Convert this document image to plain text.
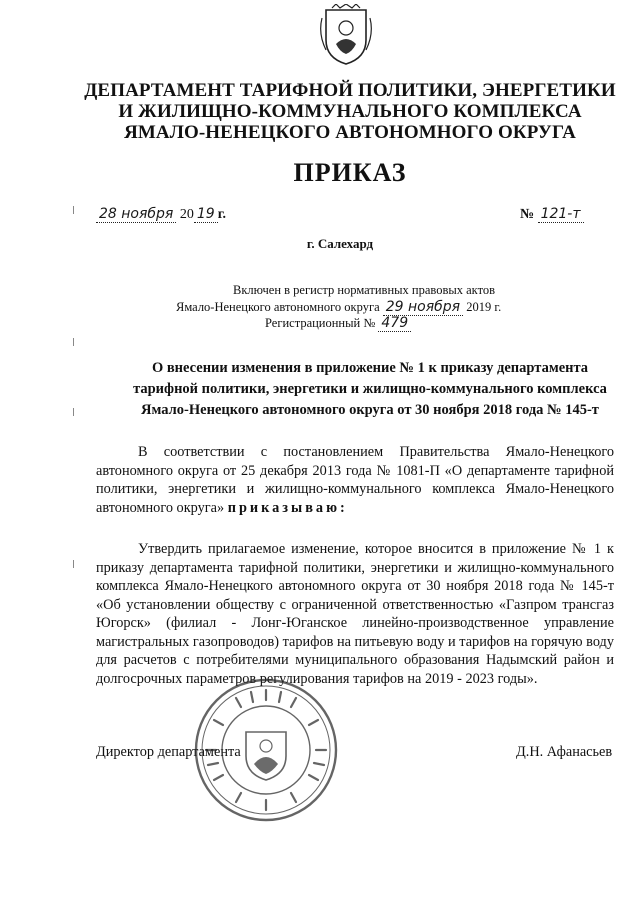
ДЕПАРТАМЕНТ ТАРИФНОЙ ПОЛИТИКИ, ЭНЕРГЕТИКИ
И ЖИЛИЩНО-КОММУНАЛЬНОГО КОМПЛЕКСА
ЯМАЛО-НЕНЕЦКОГО АВТОНОМНОГО ОКРУГА
ПРИКАЗ
28 ноября 20 19 г.	№ 121-т
г. Салехард
Включен в регистр нормативных правовых актов
Ямало-Ненецкого автономного округа 29 ноября 2019 г.
Регистрационный № 479
О внесении изменения в приложение № 1 к приказу департамента
тарифной политики, энергетики и жилищно-коммунального комплекса
Ямало-Ненецкого автономного округа от 30 ноября 2018 года № 145-т
В соответствии с постановлением Правительства Ямало-Ненецкого автономного округа от 25 декабря 2013 года № 1081-П «О департаменте тарифной политики, энергетики и жилищно-коммунального комплекса Ямало-Ненецкого автономного округа» приказываю:
Утвердить прилагаемое изменение, которое вносится в приложение № 1 к приказу департамента тарифной политики, энергетики и жилищно-коммунального комплекса Ямало-Ненецкого автономного округа от 30 ноября 2018 года № 145-т «Об установлении обществу с ограниченной ответственностью «Газпром трансгаз Югорск» (филиал - Лонг-Юганское линейно-производственное управление магистральных газопроводов) тарифов на питьевую воду и тарифов на горячую воду для расчетов с потребителями муниципального образования Надымский район и долгосрочных параметров регулирования тарифов на 2019 - 2023 годы».
Директор департамента	Д.Н. Афанасьев
